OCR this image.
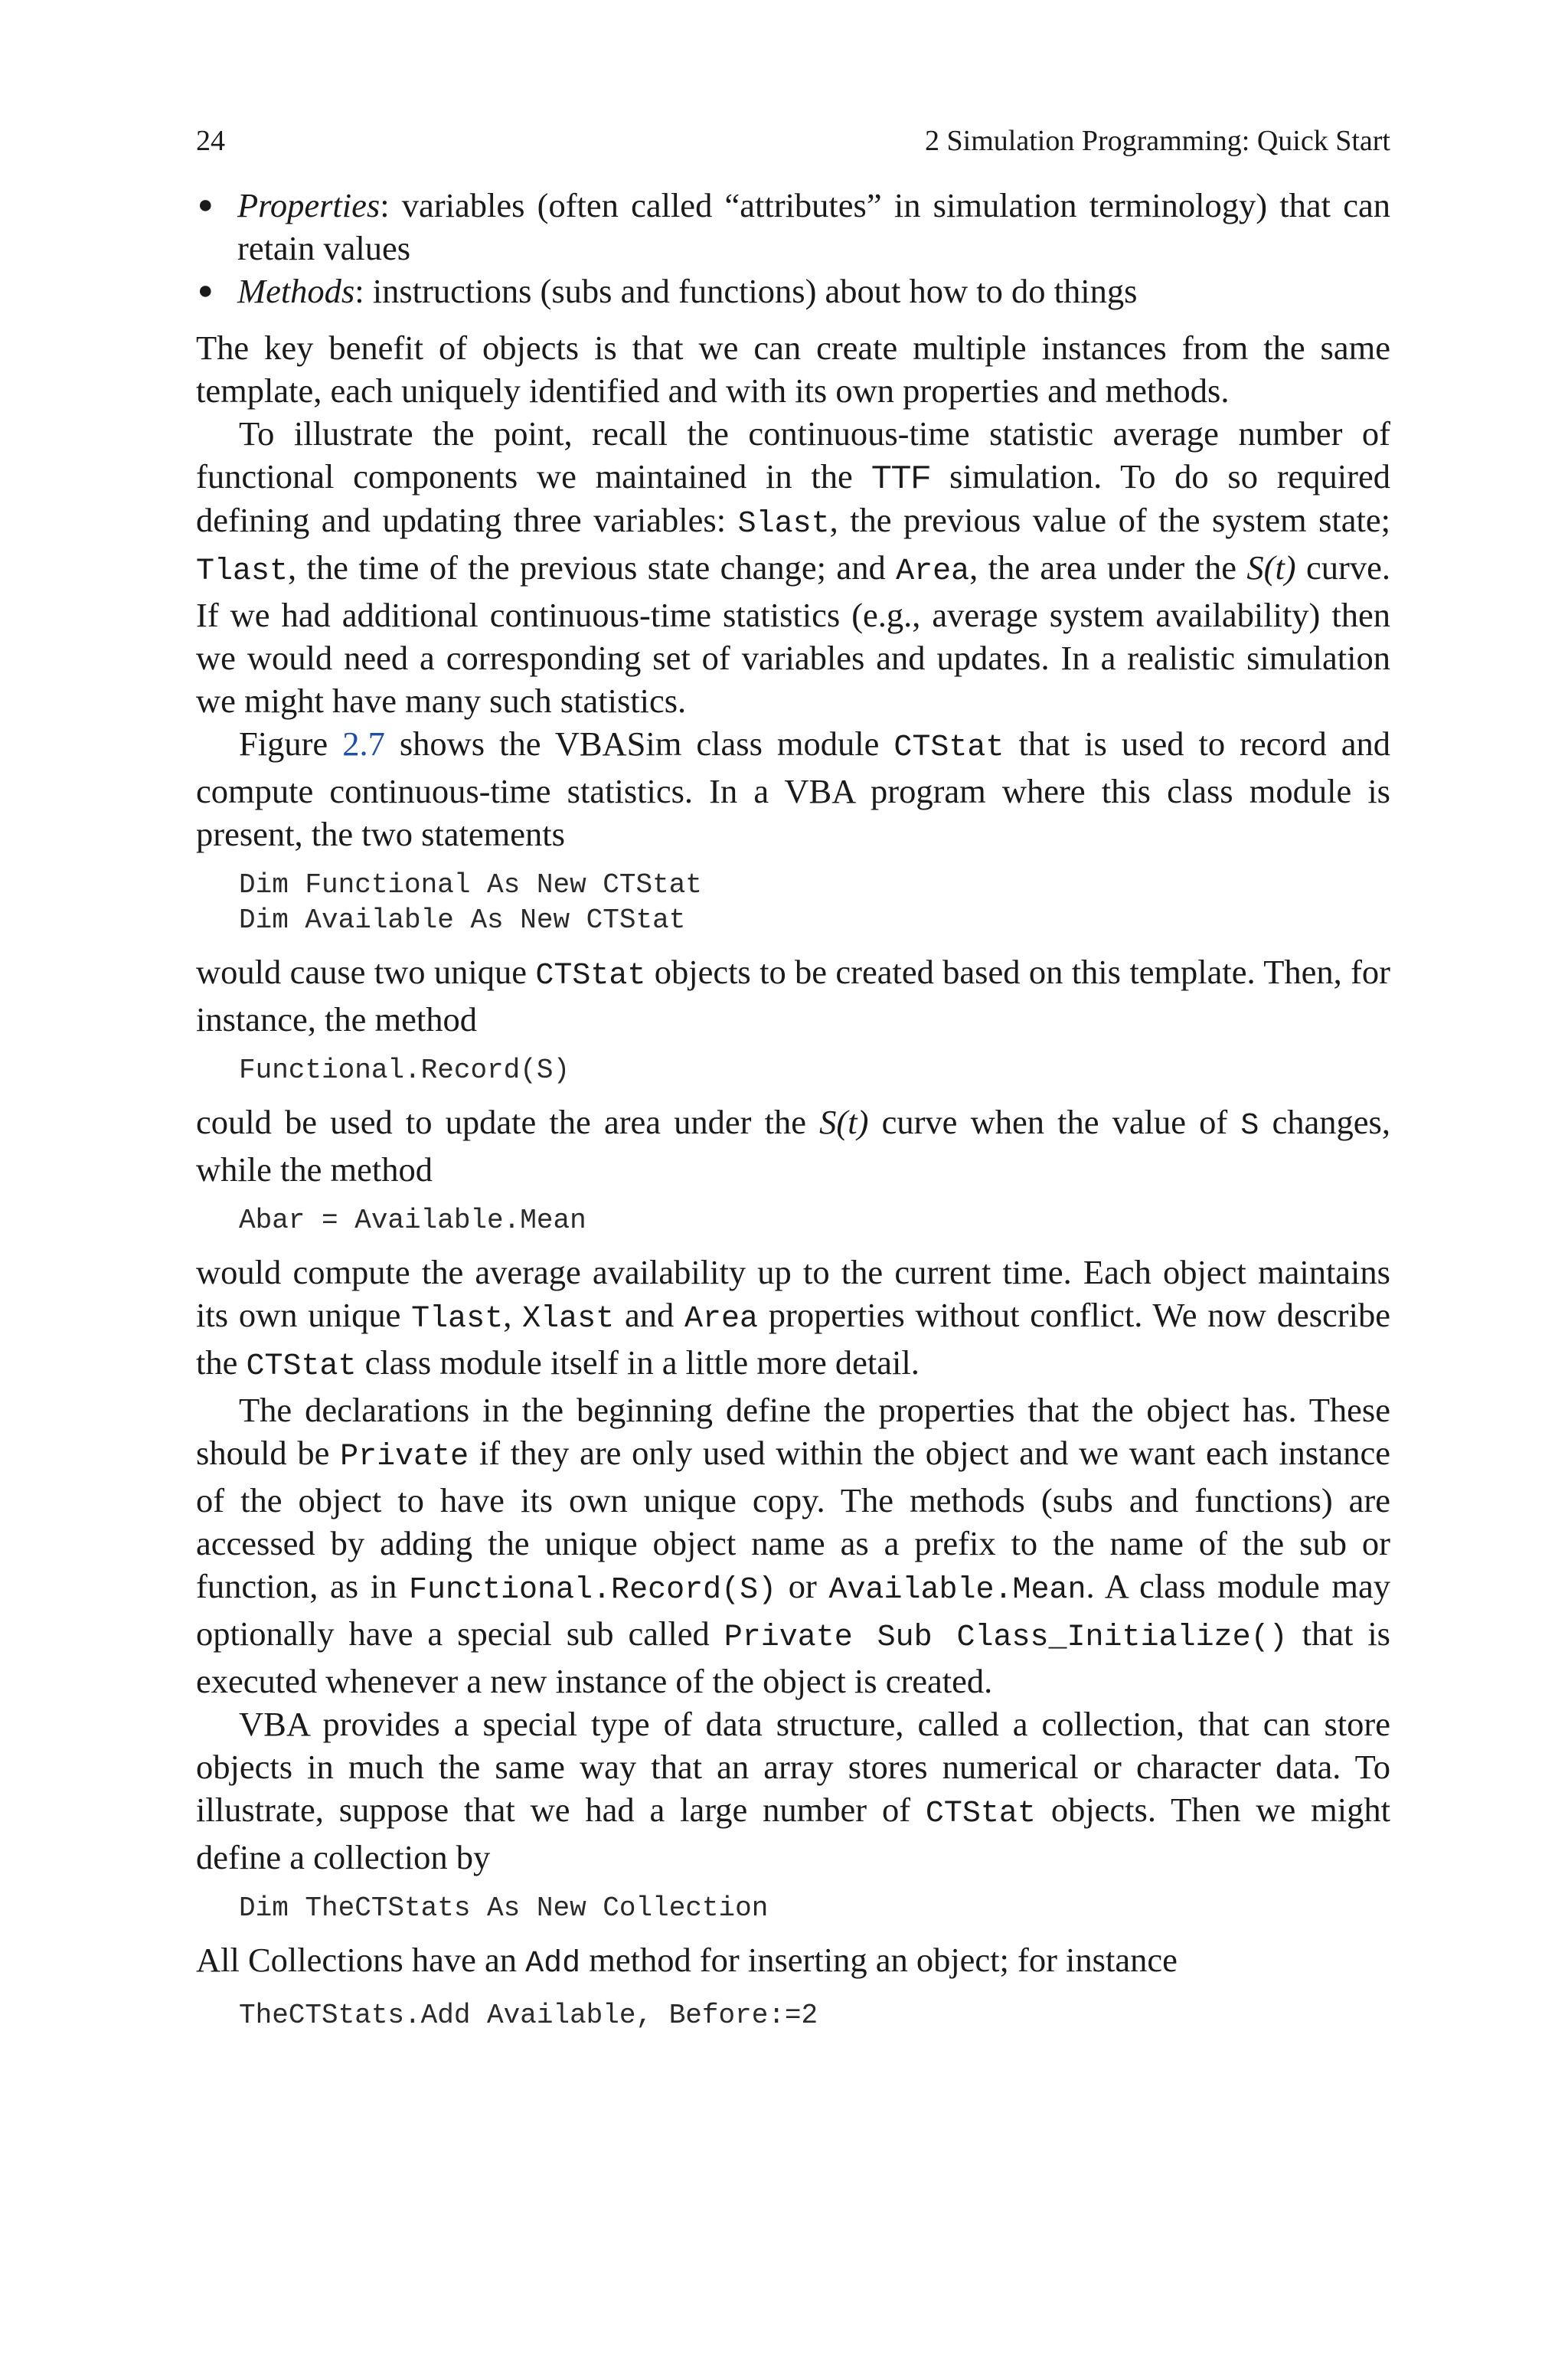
24	2 Simulation Programming: Quick Start
● Properties: variables (often called “attributes” in simulation terminology) that can retain values
● Methods: instructions (subs and functions) about how to do things

The key benefit of objects is that we can create multiple instances from the same template, each uniquely identified and with its own properties and methods.

To illustrate the point, recall the continuous-time statistic average number of functional components we maintained in the TTF simulation. To do so required defining and updating three variables: Slast, the previous value of the system state; Tlast, the time of the previous state change; and Area, the area under the S(t) curve. If we had additional continuous-time statistics (e.g., average system availability) then we would need a corresponding set of variables and updates. In a realistic simulation we might have many such statistics.

Figure 2.7 shows the VBASim class module CTStat that is used to record and compute continuous-time statistics. In a VBA program where this class module is present, the two statements

Dim Functional As New CTStat
Dim Available As New CTStat

would cause two unique CTStat objects to be created based on this template. Then, for instance, the method

Functional.Record(S)

could be used to update the area under the S(t) curve when the value of S changes, while the method

Abar = Available.Mean

would compute the average availability up to the current time. Each object maintains its own unique Tlast, Xlast and Area properties without conflict. We now describe the CTStat class module itself in a little more detail.

The declarations in the beginning define the properties that the object has. These should be Private if they are only used within the object and we want each instance of the object to have its own unique copy. The methods (subs and functions) are accessed by adding the unique object name as a prefix to the name of the sub or function, as in Functional.Record(S) or Available.Mean. A class module may optionally have a special sub called Private Sub Class_Initialize() that is executed whenever a new instance of the object is created.

VBA provides a special type of data structure, called a collection, that can store objects in much the same way that an array stores numerical or character data. To illustrate, suppose that we had a large number of CTStat objects. Then we might define a collection by

Dim TheCTStats As New Collection

All Collections have an Add method for inserting an object; for instance

TheCTStats.Add Available, Before:=2
